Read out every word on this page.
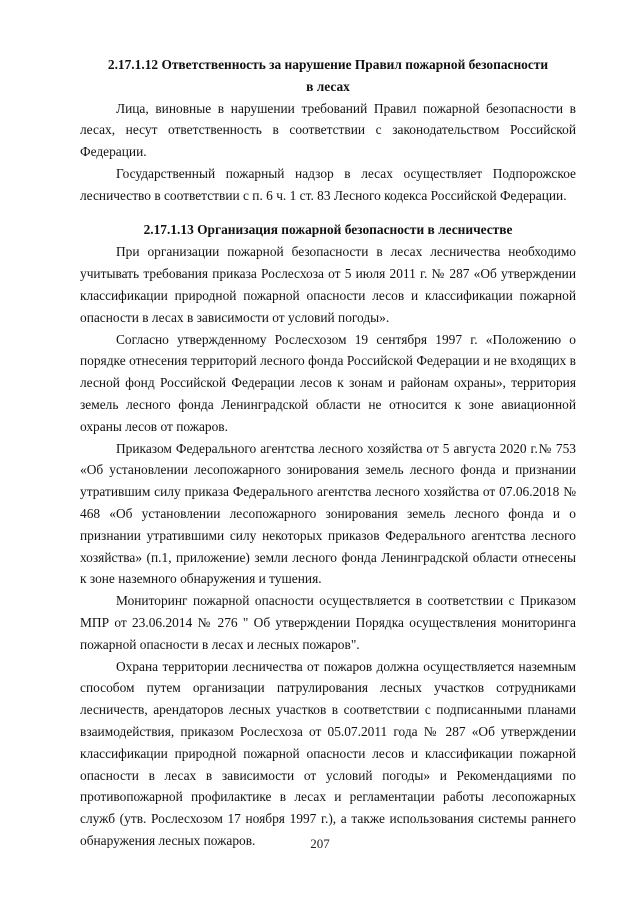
2.17.1.12 Ответственность за нарушение Правил пожарной безопасности
в лесах

Лица, виновные в нарушении требований Правил пожарной безопасности в лесах, несут ответственность в соответствии с законодательством Российской Федерации.

Государственный пожарный надзор в лесах осуществляет Подпорожское лесничество в соответствии с п. 6 ч. 1 ст. 83 Лесного кодекса Российской Федерации.

2.17.1.13 Организация пожарной безопасности в лесничестве

При организации пожарной безопасности в лесах лесничества необходимо учитывать требования приказа Рослесхоза от 5 июля 2011 г. № 287 «Об утверждении классификации природной пожарной опасности лесов и классификации пожарной опасности в лесах в зависимости от условий погоды».

Согласно утвержденному Рослесхозом 19 сентября 1997 г. «Положению о порядке отнесения территорий лесного фонда Российской Федерации и не входящих в лесной фонд Российской Федерации лесов к зонам и районам охраны», территория земель лесного фонда Ленинградской области не относится к зоне авиационной охраны лесов от пожаров.

Приказом Федерального агентства лесного хозяйства от 5 августа 2020 г.№ 753 «Об установлении лесопожарного зонирования земель лесного фонда и признании утратившим силу приказа Федерального агентства лесного хозяйства от 07.06.2018 № 468 «Об установлении лесопожарного зонирования земель лесного фонда и о признании утратившими силу некоторых приказов Федерального агентства лесного хозяйства» (п.1, приложение) земли лесного фонда Ленинградской области отнесены к зоне наземного обнаружения и тушения.

Мониторинг пожарной опасности осуществляется в соответствии с Приказом МПР от 23.06.2014 № 276 " Об утверждении Порядка осуществления мониторинга пожарной опасности в лесах и лесных пожаров".

Охрана территории лесничества от пожаров должна осуществляется наземным способом путем организации патрулирования лесных участков сотрудниками лесничеств, арендаторов лесных участков в соответствии с подписанными планами взаимодействия, приказом Рослесхоза от 05.07.2011 года № 287 «Об утверждении классификации природной пожарной опасности лесов и классификации пожарной опасности в лесах в зависимости от условий погоды» и Рекомендациями по противопожарной профилактике в лесах и регламентации работы лесопожарных служб (утв. Рослесхозом 17 ноября 1997 г.), а также использования системы раннего обнаружения лесных пожаров.	207
